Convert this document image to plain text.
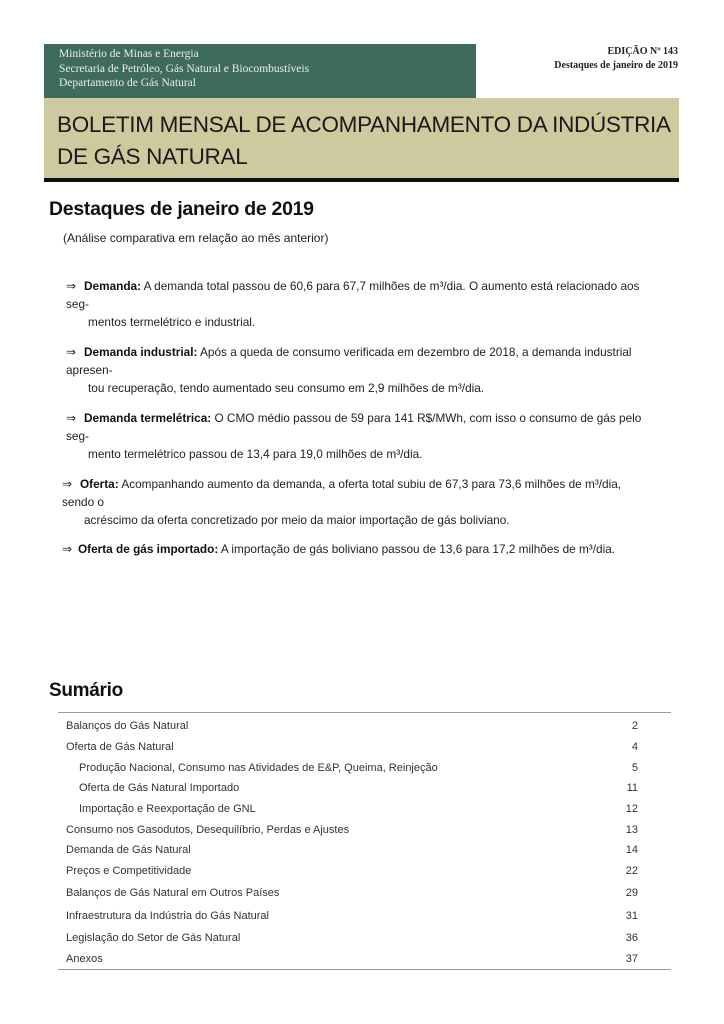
Ministério de Minas e Energia
Secretaria de Petróleo, Gás Natural e Biocombustíveis
Departamento de Gás Natural
EDIÇÃO Nº 143
Destaques de janeiro de 2019
BOLETIM MENSAL DE ACOMPANHAMENTO DA INDÚSTRIA
DE GÁS NATURAL
Destaques de janeiro de 2019
(Análise comparativa em relação ao mês anterior)
⇒ Demanda: A demanda total passou de 60,6 para 67,7 milhões de m³/dia. O aumento está relacionado aos seg-
mentos termelétrico e industrial.
⇒ Demanda industrial: Após a queda de consumo verificada em dezembro de 2018, a demanda industrial apresen-
tou recuperação, tendo aumentado seu consumo em 2,9 milhões de m³/dia.
⇒ Demanda termelétrica: O CMO médio passou de 59 para 141 R$/MWh, com isso o consumo de gás pelo seg-
mento termelétrico passou de 13,4 para 19,0 milhões de m³/dia.
⇒ Oferta: Acompanhando aumento da demanda, a oferta total subiu de 67,3 para 73,6 milhões de m³/dia, sendo o
acréscimo da oferta concretizado por meio da maior importação de gás boliviano.
⇒ Oferta de gás importado: A importação de gás boliviano passou de 13,6 para 17,2 milhões de m³/dia.
Sumário
Balanços do Gás Natural	2
Oferta de Gás Natural	4
Produção Nacional, Consumo nas Atividades de E&P, Queima, Reinjeção	5
Oferta de Gás Natural Importado	11
Importação e Reexportação de GNL	12
Consumo nos Gasodutos, Desequilíbrio, Perdas e Ajustes	13
Demanda de Gás Natural	14
Preços e Competitividade	22
Balanços de Gás Natural em Outros Países	29
Infraestrutura da Indústria do Gás Natural	31
Legislação do Setor de Gás Natural	36
Anexos	37
